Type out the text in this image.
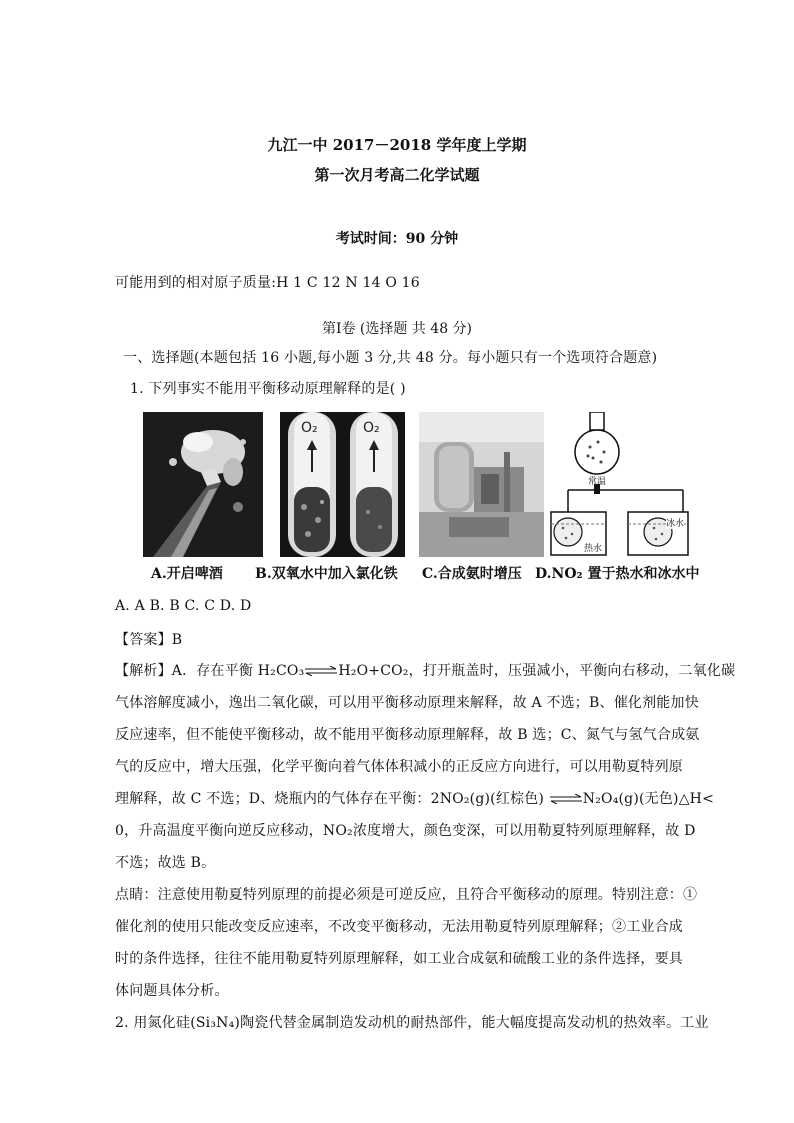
九江一中 2017－2018 学年度上学期
第一次月考高二化学试题
考试时间：90 分钟
可能用到的相对原子质量:H 1 C 12 N 14 O 16
第Ⅰ卷 (选择题 共 48 分)
一、选择题(本题包括 16 小题,每小题 3 分,共 48 分。每小题只有一个选项符合题意)
1. 下列事实不能用平衡移动原理解释的是( )
O₂	O₂
常温
热水
冰水
A.开启啤酒 B.双氧水中加入氯化铁 C.合成氨时增压 D.NO₂ 置于热水和冰水中
A. A B. B C. C D. D
【答案】B
【解析】A．存在平衡 H₂CO₃⇌H₂O+CO₂，打开瓶盖时，压强减小，平衡向右移动，二氧化碳
气体溶解度减小，逸出二氧化碳，可以用平衡移动原理来解释，故 A 不选；B、催化剂能加快
反应速率，但不能使平衡移动，故不能用平衡移动原理解释，故 B 选；C、氮气与氢气合成氨
气的反应中，增大压强，化学平衡向着气体体积减小的正反应方向进行，可以用勒夏特列原
理解释，故 C 不选；D、烧瓶内的气体存在平衡：2NO₂(g)(红棕色) ⇌N₂O₄(g)(无色)△H<
0，升高温度平衡向逆反应移动，NO₂浓度增大，颜色变深，可以用勒夏特列原理解释，故 D
不选；故选 B。
点睛：注意使用勒夏特列原理的前提必须是可逆反应，且符合平衡移动的原理。特别注意：①
催化剂的使用只能改变反应速率，不改变平衡移动，无法用勒夏特列原理解释；②工业合成
时的条件选择，往往不能用勒夏特列原理解释，如工业合成氨和硫酸工业的条件选择，要具
体问题具体分析。
2. 用氮化硅(Si₃N₄)陶瓷代替金属制造发动机的耐热部件，能大幅度提高发动机的热效率。工业
